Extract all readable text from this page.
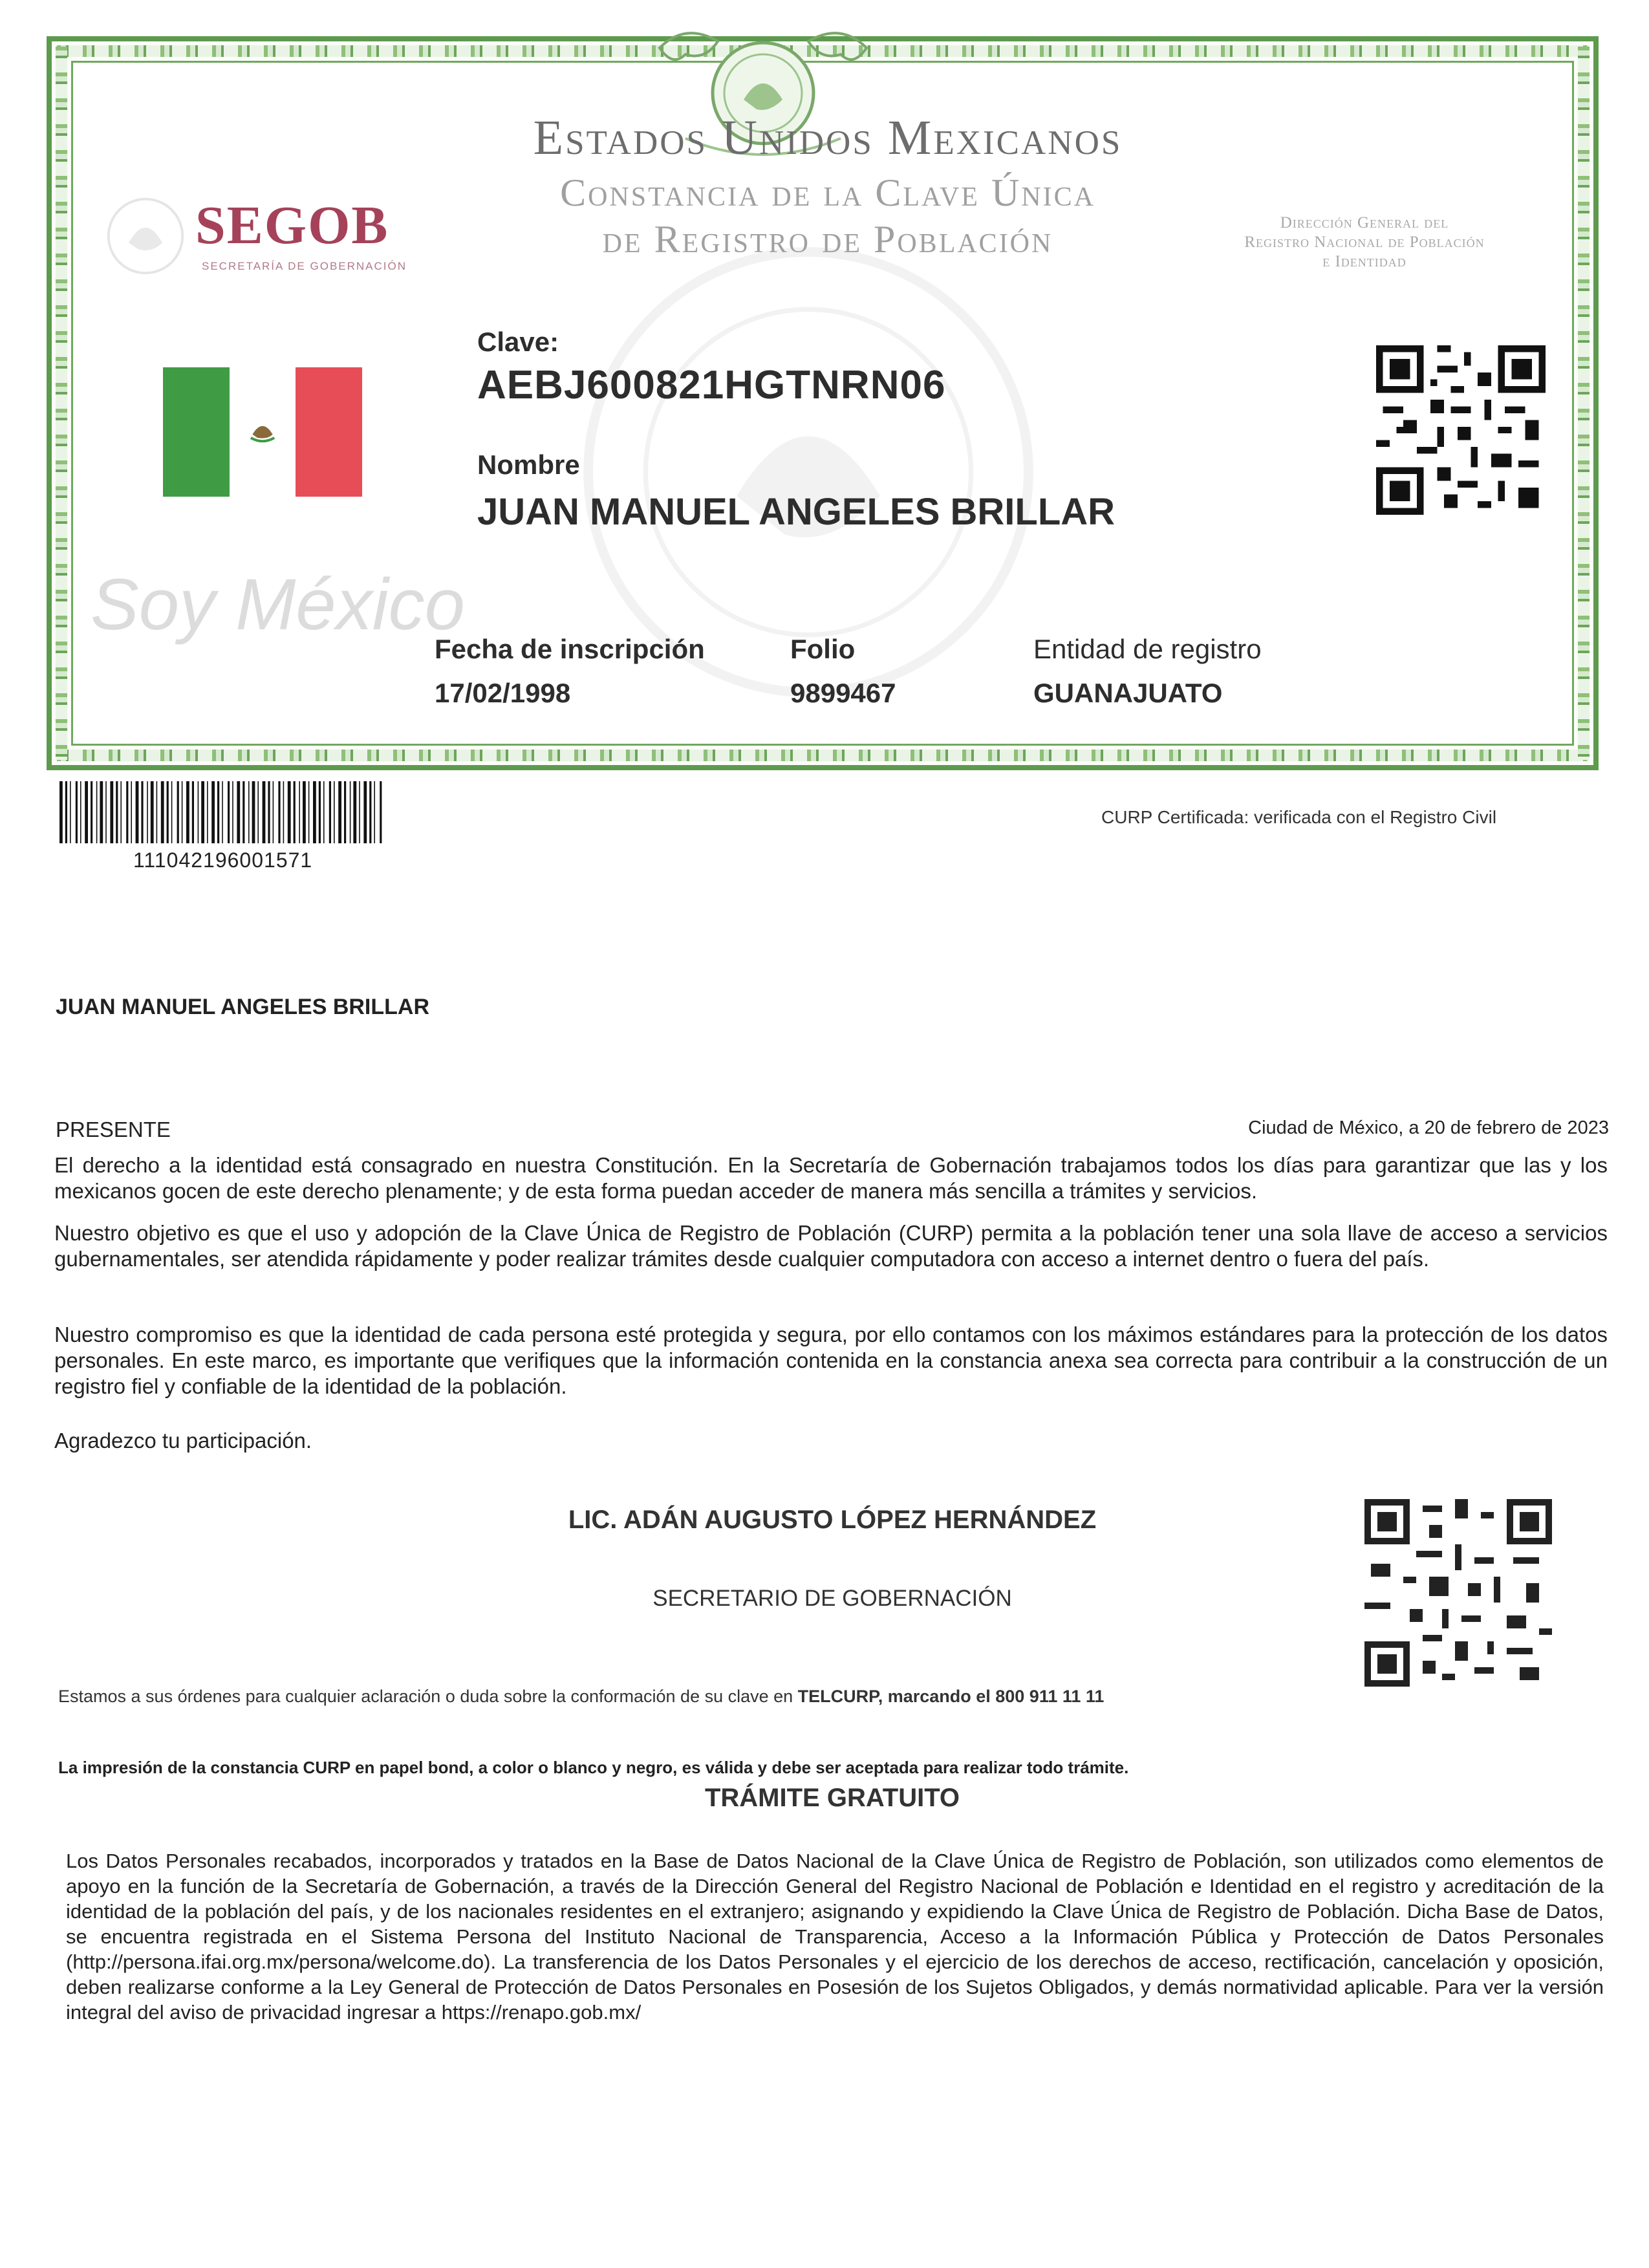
Estados Unidos Mexicanos
Constancia de la Clave Única
de Registro de Población
SEGOB
SECRETARÍA DE GOBERNACIÓN
Dirección General del
Registro Nacional de Población
e Identidad
Soy México
Clave:
AEBJ600821HGTNRN06
Nombre
JUAN MANUEL ANGELES BRILLAR
Fecha de inscripción
17/02/1998
Folio
9899467
Entidad de registro
GUANAJUATO
111042196001571
CURP Certificada: verificada con el Registro Civil
JUAN MANUEL ANGELES BRILLAR
PRESENTE	Ciudad de México, a 20 de febrero de 2023
El derecho a la identidad está consagrado en nuestra Constitución. En la Secretaría de Gobernación trabajamos todos los días para garantizar que las y los mexicanos gocen de este derecho plenamente; y de esta forma puedan acceder de manera más sencilla a trámites y servicios.
Nuestro objetivo es que el uso y adopción de la Clave Única de Registro de Población (CURP) permita a la población tener una sola llave de acceso a servicios gubernamentales, ser atendida rápidamente y poder realizar trámites desde cualquier computadora con acceso a internet dentro o fuera del país.
Nuestro compromiso es que la identidad de cada persona esté protegida y segura, por ello contamos con los máximos estándares para la protección de los datos personales. En este marco, es importante que verifiques que la información contenida en la constancia anexa sea correcta para contribuir a la construcción de un registro fiel y confiable de la identidad de la población.
Agradezco tu participación.
LIC. ADÁN AUGUSTO LÓPEZ HERNÁNDEZ
SECRETARIO DE GOBERNACIÓN
Estamos a sus órdenes para cualquier aclaración o duda sobre la conformación de su clave en TELCURP, marcando el 800 911 11 11
La impresión de la constancia CURP en papel bond, a color o blanco y negro, es válida y debe ser aceptada para realizar todo trámite.
TRÁMITE GRATUITO
Los Datos Personales recabados, incorporados y tratados en la Base de Datos Nacional de la Clave Única de Registro de Población, son utilizados como elementos de apoyo en la función de la Secretaría de Gobernación, a través de la Dirección General del Registro Nacional de Población e Identidad en el registro y acreditación de la identidad de la población del país, y de los nacionales residentes en el extranjero; asignando y expidiendo la Clave Única de Registro de Población. Dicha Base de Datos, se encuentra registrada en el Sistema Persona del Instituto Nacional de Transparencia, Acceso a la Información Pública y Protección de Datos Personales (http://persona.ifai.org.mx/persona/welcome.do). La transferencia de los Datos Personales y el ejercicio de los derechos de acceso, rectificación, cancelación y oposición, deben realizarse conforme a la Ley General de Protección de Datos Personales en Posesión de los Sujetos Obligados, y demás normatividad aplicable. Para ver la versión integral del aviso de privacidad ingresar a https://renapo.gob.mx/
